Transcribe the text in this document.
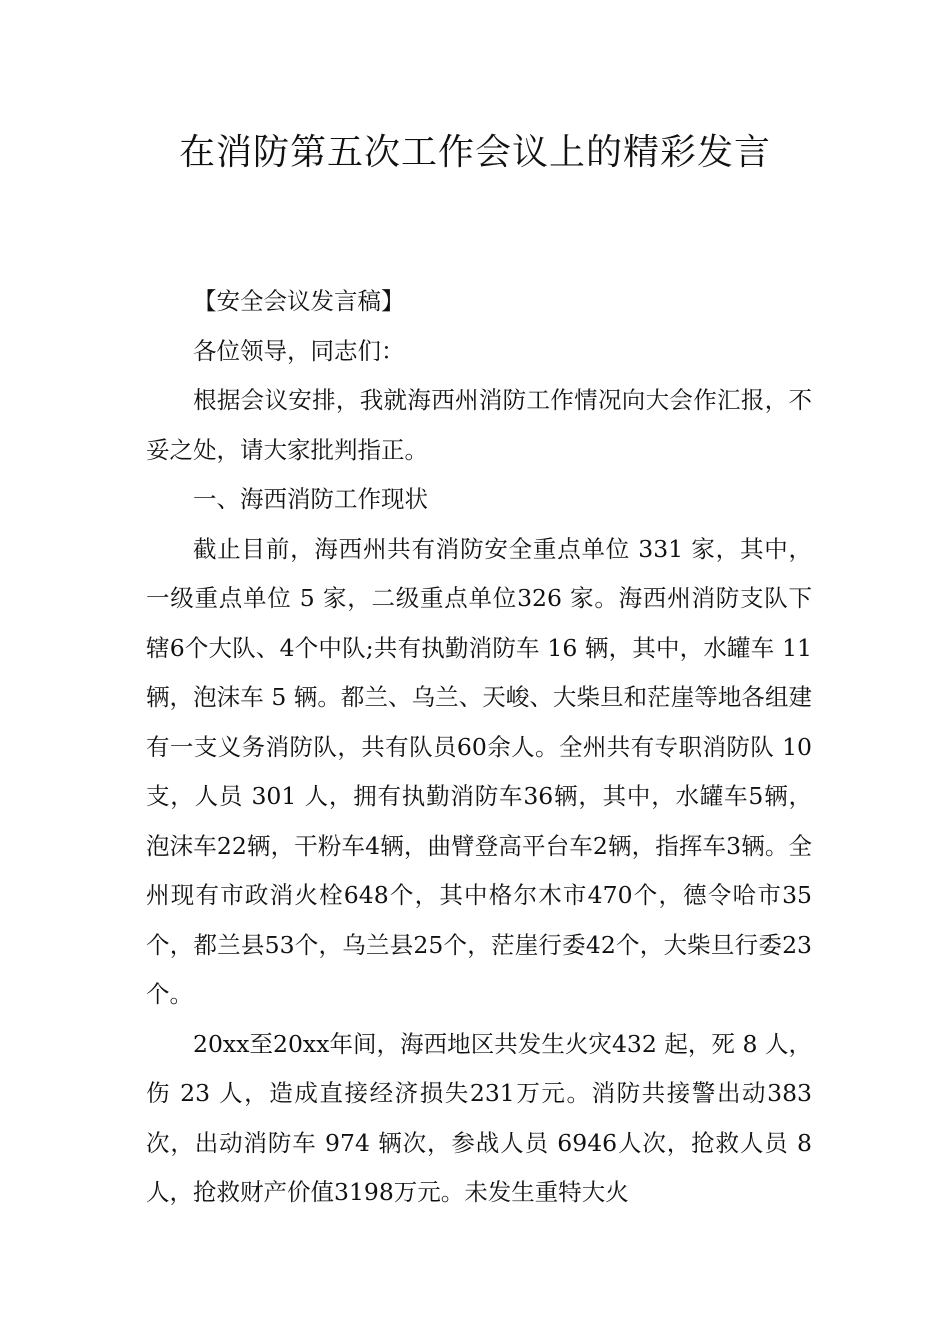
在消防第五次工作会议上的精彩发言

【安全会议发言稿】

各位领导，同志们：

根据会议安排，我就海西州消防工作情况向大会作汇报，不妥之处，请大家批判指正。

一、海西消防工作现状

截止目前，海西州共有消防安全重点单位 331 家，其中，一级重点单位 5 家，二级重点单位326 家。海西州消防支队下辖6个大队、4个中队;共有执勤消防车 16 辆，其中，水罐车 11 辆，泡沫车 5 辆。都兰、乌兰、天峻、大柴旦和茫崖等地各组建有一支义务消防队，共有队员60余人。全州共有专职消防队 10 支，人员 301 人，拥有执勤消防车36辆，其中，水罐车5辆，泡沫车22辆，干粉车4辆，曲臂登高平台车2辆，指挥车3辆。全州现有市政消火栓648个，其中格尔木市470个，德令哈市35个，都兰县53个，乌兰县25个，茫崖行委42个，大柴旦行委23个。

20xx至20xx年间，海西地区共发生火灾432 起，死 8 人，伤 23 人，造成直接经济损失231万元。消防共接警出动383 次，出动消防车 974 辆次，参战人员 6946人次，抢救人员 8 人，抢救财产价值3198万元。未发生重特大火
